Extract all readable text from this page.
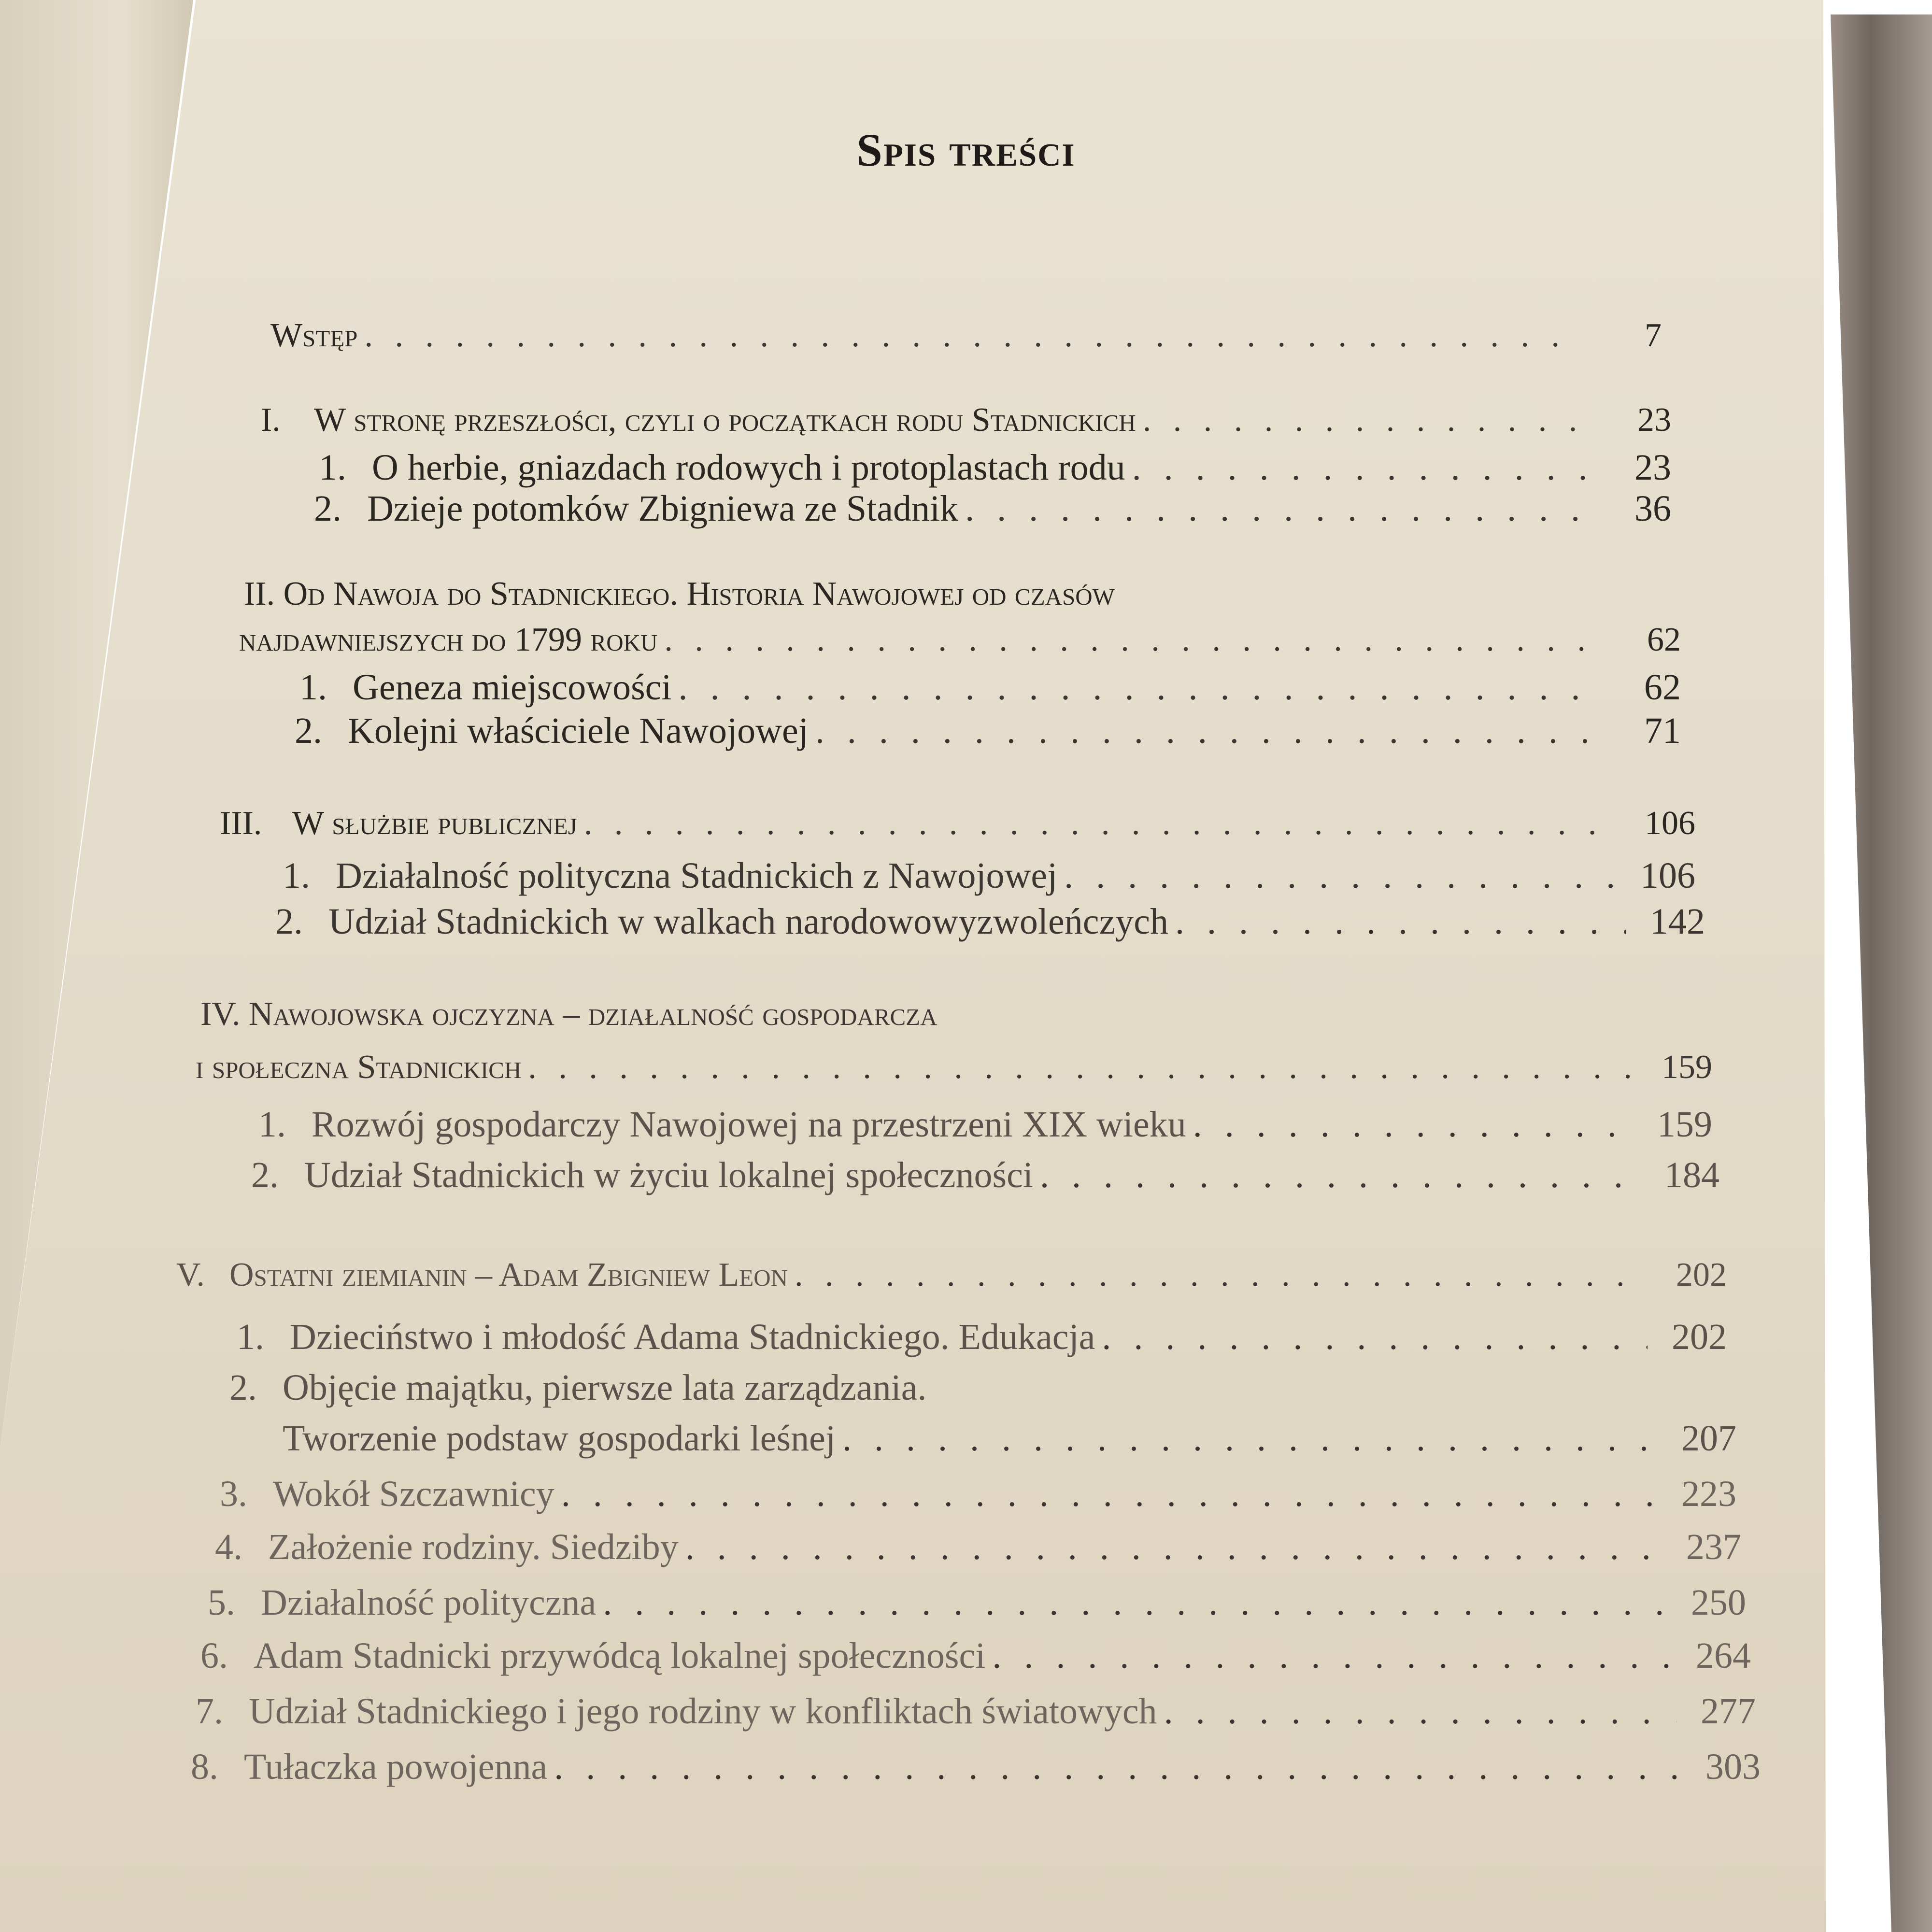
Spis treści
Wstęp . . .	7
I. W stronę przeszłości, czyli o początkach rodu Stadnickich . . .	23
1. O herbie, gniazdach rodowych i protoplastach rodu . . .	23
2. Dzieje potomków Zbigniewa ze Stadnik . . .	36
II. Od Nawoja do Stadnickiego. Historia Nawojowej od czasów
najdawniejszych do 1799 roku . . .	62
1. Geneza miejscowości . . .	62
2. Kolejni właściciele Nawojowej . . .	71
III. W służbie publicznej . . .	106
1. Działalność polityczna Stadnickich z Nawojowej . . .	106
2. Udział Stadnickich w walkach narodowowyzwoleńczych . . .	142
IV. Nawojowska ojczyzna – działalność gospodarcza
i społeczna Stadnickich . . .	159
1. Rozwój gospodarczy Nawojowej na przestrzeni XIX wieku . . .	159
2. Udział Stadnickich w życiu lokalnej społeczności . . .	184
V. Ostatni ziemianin – Adam Zbigniew Leon . . .	202
1. Dzieciństwo i młodość Adama Stadnickiego. Edukacja . . .	202
2. Objęcie majątku, pierwsze lata zarządzania.
Tworzenie podstaw gospodarki leśnej . . .	207
3. Wokół Szczawnicy . . .	223
4. Założenie rodziny. Siedziby . . .	237
5. Działalność polityczna . . .	250
6. Adam Stadnicki przywódcą lokalnej społeczności . . .	264
7. Udział Stadnickiego i jego rodziny w konfliktach światowych . . .	277
8. Tułaczka powojenna . . .	303
